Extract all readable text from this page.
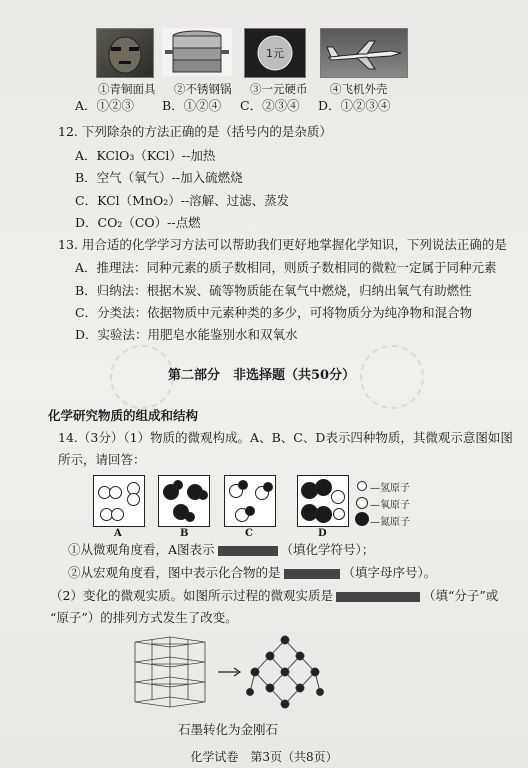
1元
①青铜面具 ②不锈钢锅 ③一元硬币 ④飞机外壳
A．①②③ B．①②④ C．②③④ D．①②③④
12. 下列除杂的方法正确的是（括号内的是杂质）
A．KClO₃（KCl）--加热
B．空气（氧气）--加入硫燃烧
C．KCl（MnO₂）--溶解、过滤、蒸发
D．CO₂（CO）--点燃
13. 用合适的化学学习方法可以帮助我们更好地掌握化学知识，下列说法正确的是
A．推理法：同种元素的质子数相同，则质子数相同的微粒一定属于同种元素
B．归纳法：根据木炭、硫等物质能在氧气中燃烧，归纳出氧气有助燃性
C．分类法：依据物质中元素种类的多少，可将物质分为纯净物和混合物
D．实验法：用肥皂水能鉴别水和双氧水
第二部分　非选择题（共50分）
化学研究物质的组成和结构
14.（3分）（1）物质的微观构成。A、B、C、D表示四种物质，其微观示意图如图
所示，请回答：
A	B	C	D
—氢原子
—氧原子
—氮原子
①从微观角度看，A图表示	（填化学符号）；
②从宏观角度看，图中表示化合物的是	（填字母序号）。
（2）变化的微观实质。如图所示过程的微观实质是	（填“分子”或
“原子”）的排列方式发生了改变。
石墨转化为金刚石
化学试卷　第3页（共8页）
